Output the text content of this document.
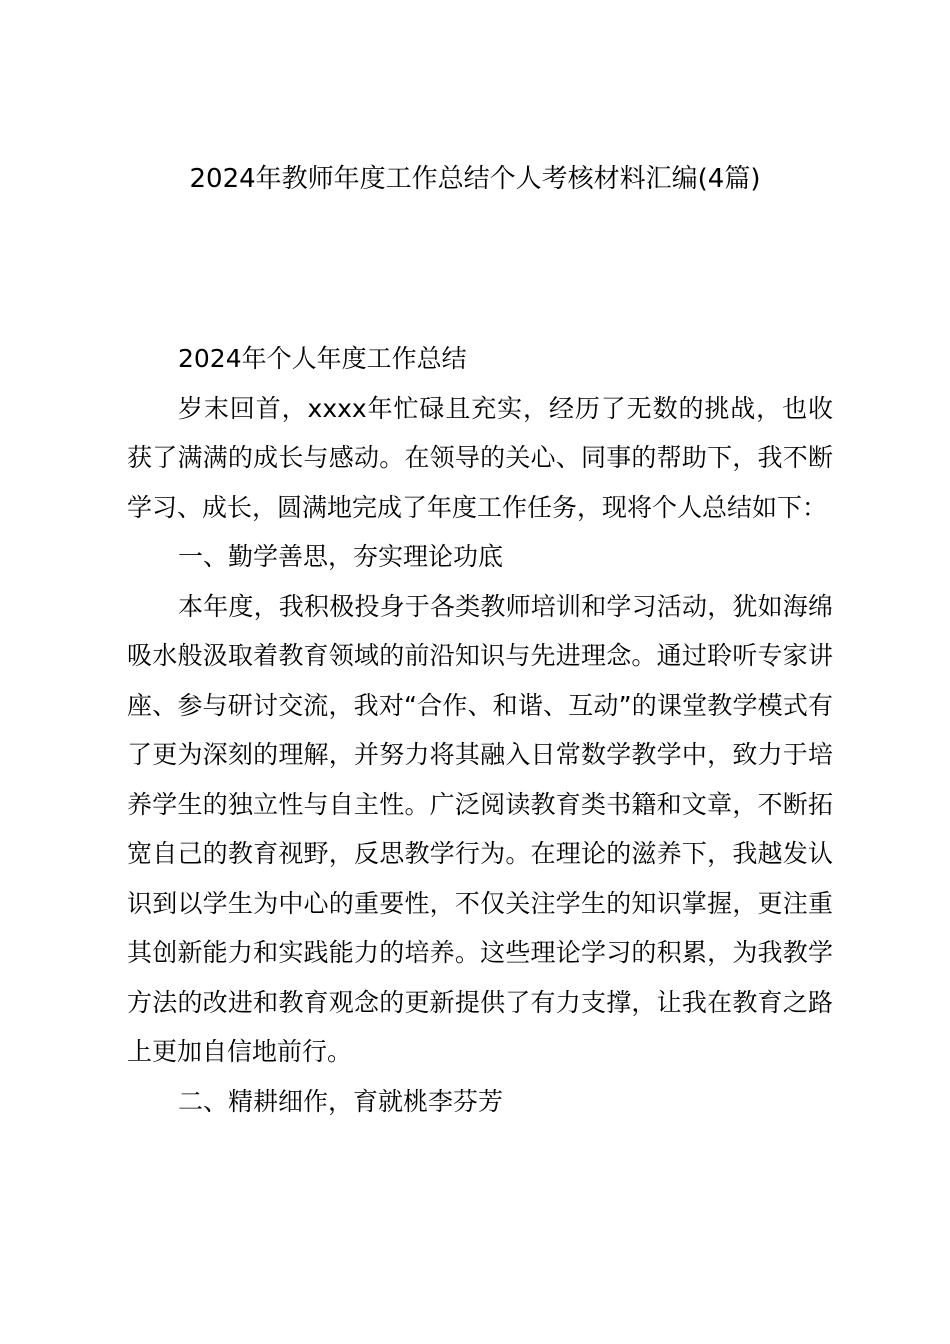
2024年教师年度工作总结个人考核材料汇编(4篇)

2024年个人年度工作总结

岁末回首，xxxx年忙碌且充实，经历了无数的挑战，也收获了满满的成长与感动。在领导的关心、同事的帮助下，我不断学习、成长，圆满地完成了年度工作任务，现将个人总结如下：

一、勤学善思，夯实理论功底

本年度，我积极投身于各类教师培训和学习活动，犹如海绵吸水般汲取着教育领域的前沿知识与先进理念。通过聆听专家讲座、参与研讨交流，我对“合作、和谐、互动”的课堂教学模式有了更为深刻的理解，并努力将其融入日常数学教学中，致力于培养学生的独立性与自主性。广泛阅读教育类书籍和文章，不断拓宽自己的教育视野，反思教学行为。在理论的滋养下，我越发认识到以学生为中心的重要性，不仅关注学生的知识掌握，更注重其创新能力和实践能力的培养。这些理论学习的积累，为我教学方法的改进和教育观念的更新提供了有力支撑，让我在教育之路上更加自信地前行。

二、精耕细作，育就桃李芬芳
